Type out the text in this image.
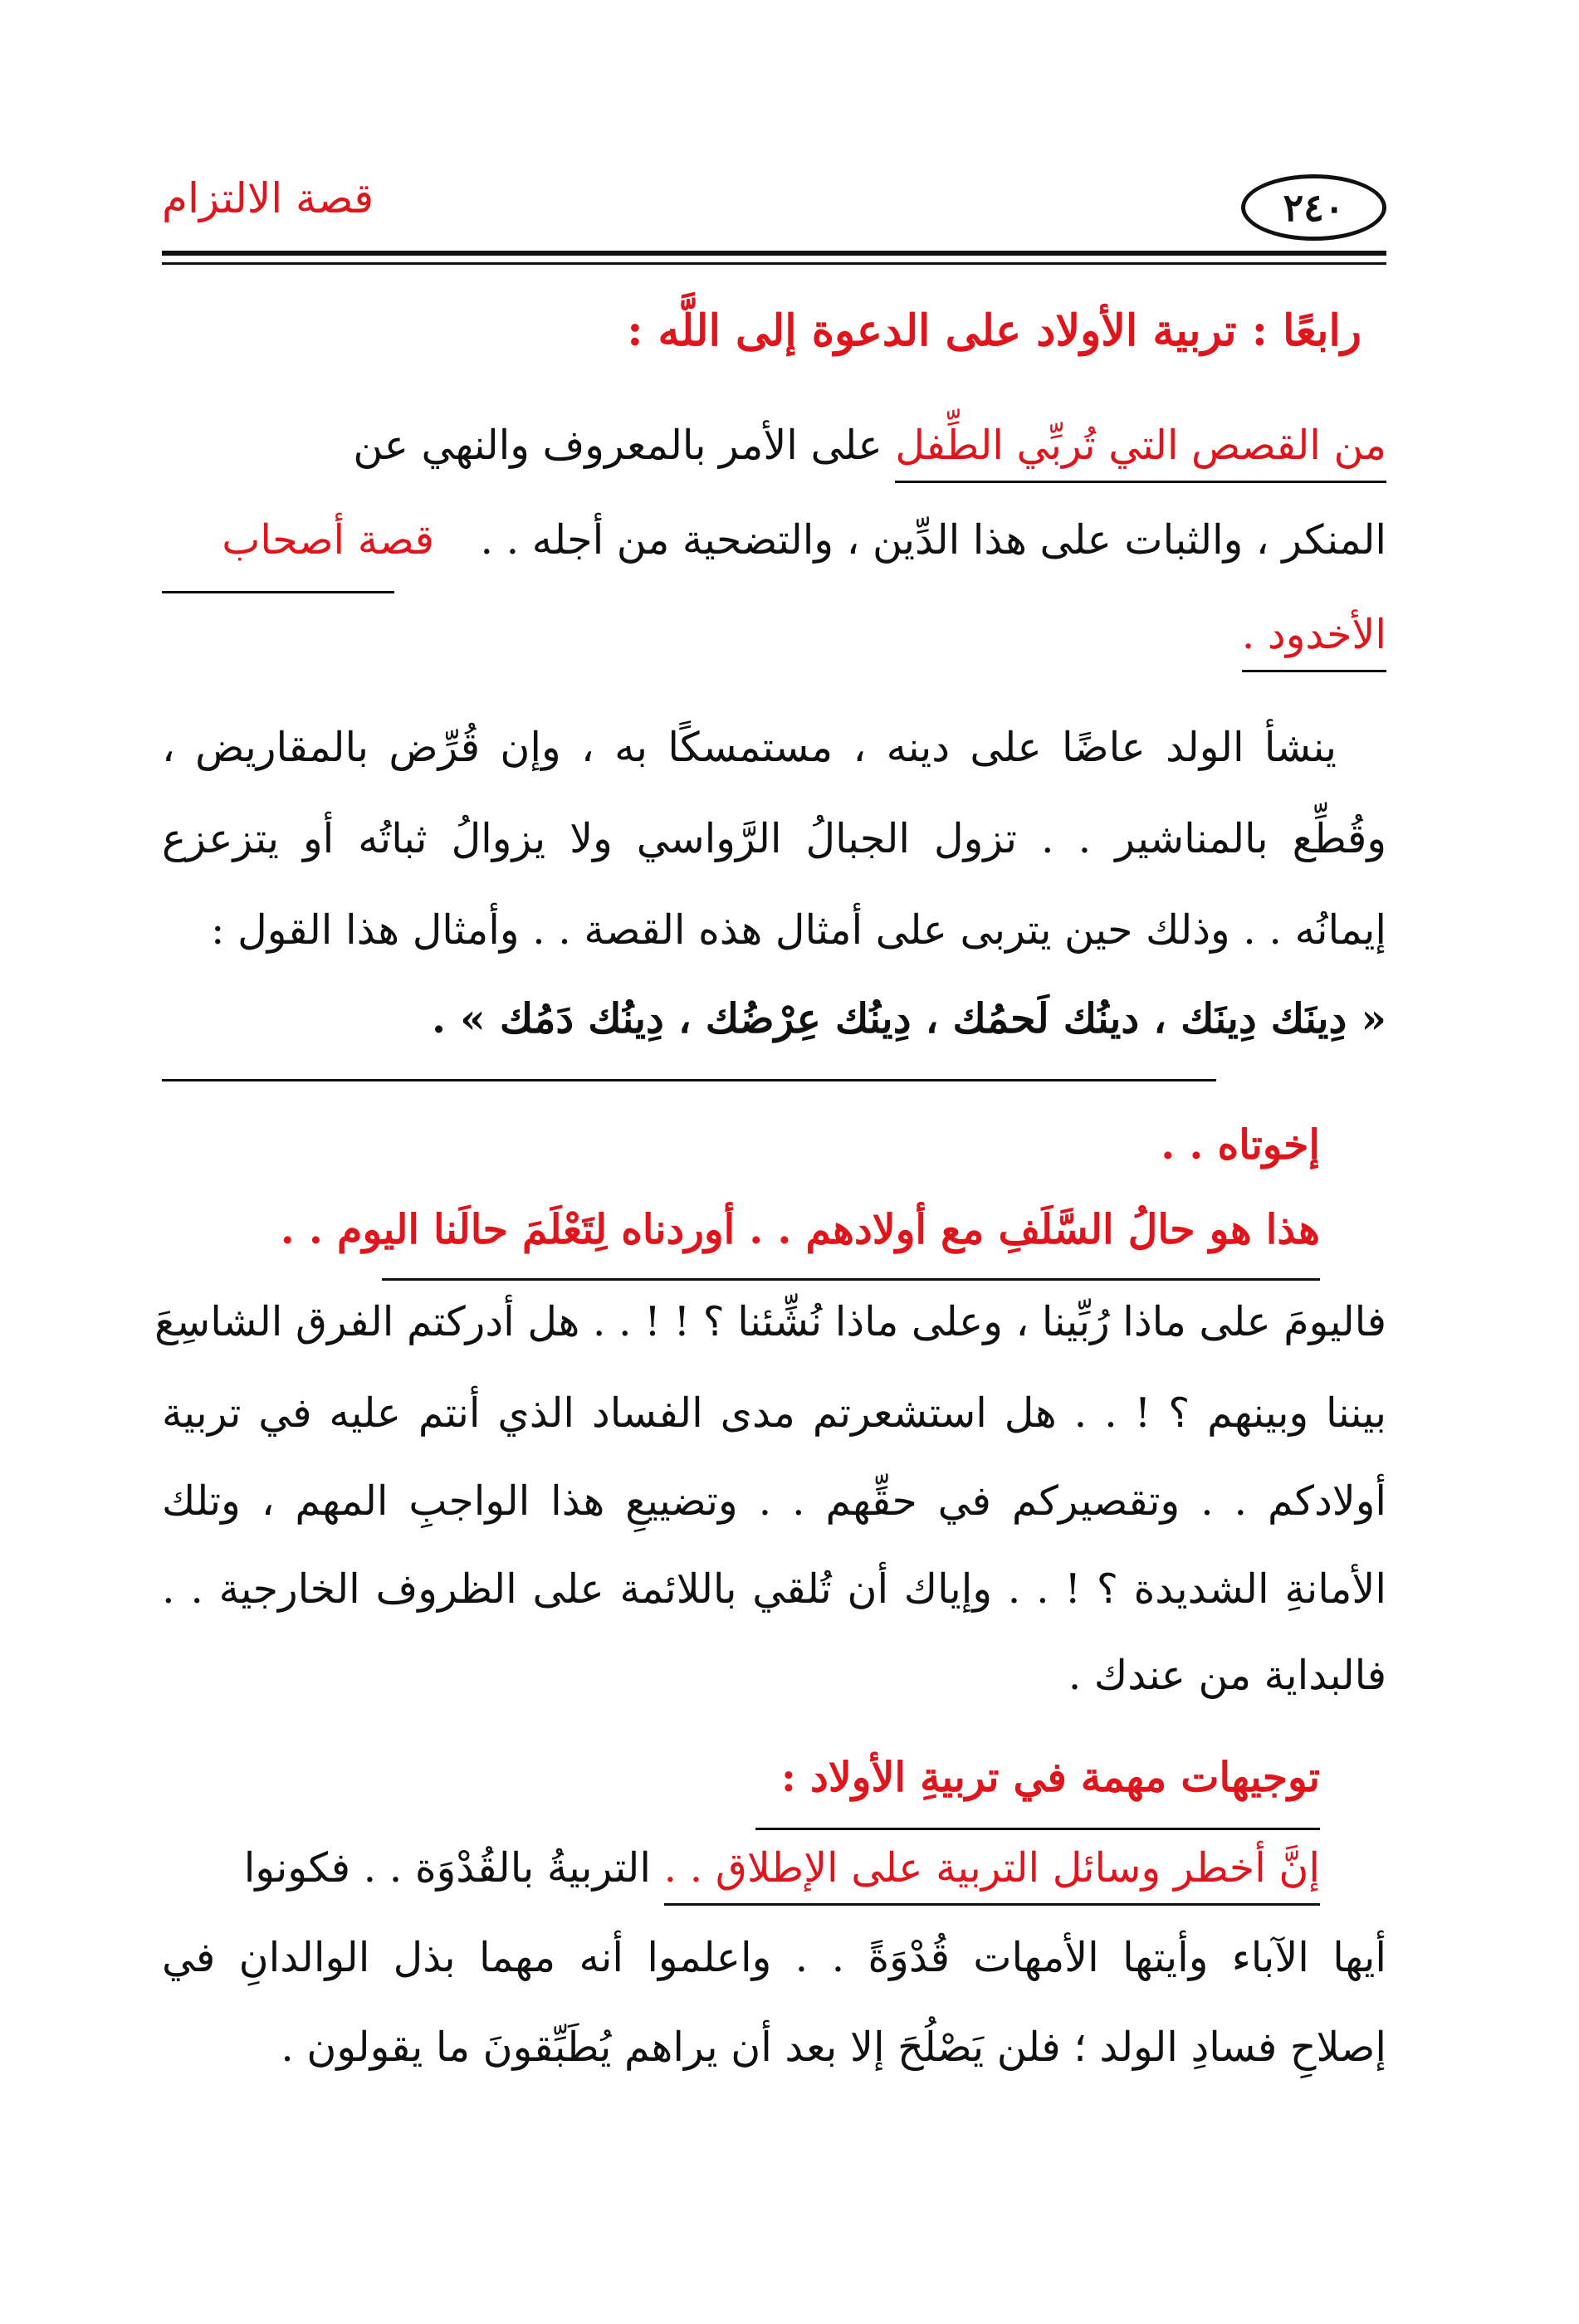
٢٤٠
قصة الالتزام
رابعًا : تربية الأولاد على الدعوة إلى اللَّه :
من القصص التي تُربِّي الطِّفل على الأمر بالمعروف والنهي عن
المنكر ، والثبات على هذا الدِّين ، والتضحية من أجله . . قصة أصحاب
الأخدود .
ينشأ الولد عاضًا على دينه ، مستمسكًا به ، وإن قُرِّض بالمقاريض ،
وقُطِّع بالمناشير . . تزول الجبالُ الرَّواسي ولا يزوالُ ثباتُه أو يتزعزع
إيمانُه . . وذلك حين يتربى على أمثال هذه القصة . . وأمثال هذا القول :
« دِينَك دِينَك ، دينُك لَحمُك ، دِينُك عِرْضُك ، دِينُك دَمُك » .
إخوتاه . .
هذا هو حالُ السَّلَفِ مع أولادهم . . أوردناه لِتَعْلَمَ حالَنا اليوم . .
فاليومَ على ماذا رُبِّينا ، وعلى ماذا نُشِّئنا ؟ ! ! . . هل أدركتم الفرق الشاسِعَ
بيننا وبينهم ؟ ! . . هل استشعرتم مدى الفساد الذي أنتم عليه في تربية
أولادكم . . وتقصيركم في حقِّهم . . وتضييعِ هذا الواجبِ المهم ، وتلك
الأمانةِ الشديدة ؟ ! . . وإياك أن تُلقي باللائمة على الظروف الخارجية . .
فالبداية من عندك .
توجيهات مهمة في تربيةِ الأولاد :
إنَّ أخطر وسائل التربية على الإطلاق . . التربيةُ بالقُدْوَة . . فكونوا
أيها الآباء وأيتها الأمهات قُدْوَةً . . واعلموا أنه مهما بذل الوالدانِ في
إصلاحِ فسادِ الولد ؛ فلن يَصْلُحَ إلا بعد أن يراهم يُطَبِّقونَ ما يقولون .
